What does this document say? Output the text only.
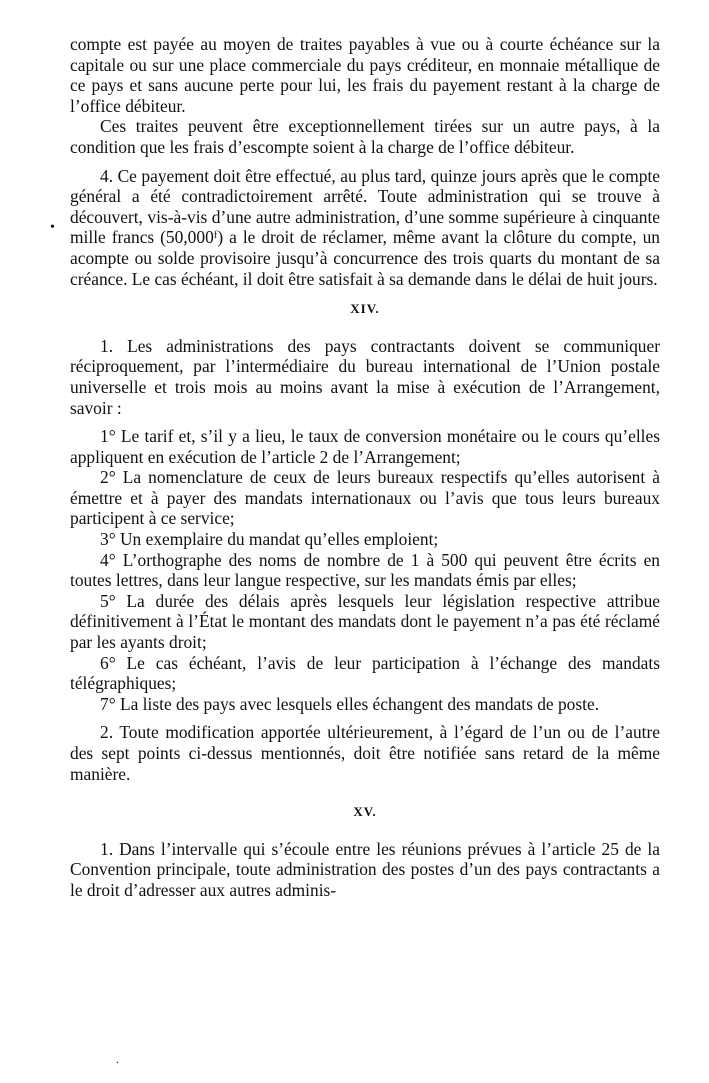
•
.

compte est payée au moyen de traites payables à vue ou à courte échéance sur la capitale ou sur une place commerciale du pays créditeur, en monnaie métallique de ce pays et sans aucune perte pour lui, les frais du payement restant à la charge de l’office débiteur.

Ces traites peuvent être exceptionnellement tirées sur un autre pays, à la condition que les frais d’escompte soient à la charge de l’office débiteur.

4. Ce payement doit être effectué, au plus tard, quinze jours après que le compte général a été contradictoirement arrêté. Toute administration qui se trouve à découvert, vis-à-vis d’une autre administration, d’une somme supérieure à cinquante mille francs (50,000ᶠ) a le droit de réclamer, même avant la clôture du compte, un acompte ou solde provisoire jusqu’à concurrence des trois quarts du montant de sa créance. Le cas échéant, il doit être satisfait à sa demande dans le délai de huit jours.

XIV.

1. Les administrations des pays contractants doivent se communiquer réciproquement, par l’intermédiaire du bureau international de l’Union postale universelle et trois mois au moins avant la mise à exécution de l’Arrangement, savoir :

1° Le tarif et, s’il y a lieu, le taux de conversion monétaire ou le cours qu’elles appliquent en exécution de l’article 2 de l’Arrangement;

2° La nomenclature de ceux de leurs bureaux respectifs qu’elles autorisent à émettre et à payer des mandats internationaux ou l’avis que tous leurs bureaux participent à ce service;

3° Un exemplaire du mandat qu’elles emploient;

4° L’orthographe des noms de nombre de 1 à 500 qui peuvent être écrits en toutes lettres, dans leur langue respective, sur les mandats émis par elles;

5° La durée des délais après lesquels leur législation respective attribue définitivement à l’État le montant des mandats dont le payement n’a pas été réclamé par les ayants droit;

6° Le cas échéant, l’avis de leur participation à l’échange des mandats télégraphiques;

7° La liste des pays avec lesquels elles échangent des mandats de poste.

2. Toute modification apportée ultérieurement, à l’égard de l’un ou de l’autre des sept points ci-dessus mentionnés, doit être notifiée sans retard de la même manière.

XV.

1. Dans l’intervalle qui s’écoule entre les réunions prévues à l’article 25 de la Convention principale, toute administration des postes d’un des pays contractants a le droit d’adresser aux autres adminis-
